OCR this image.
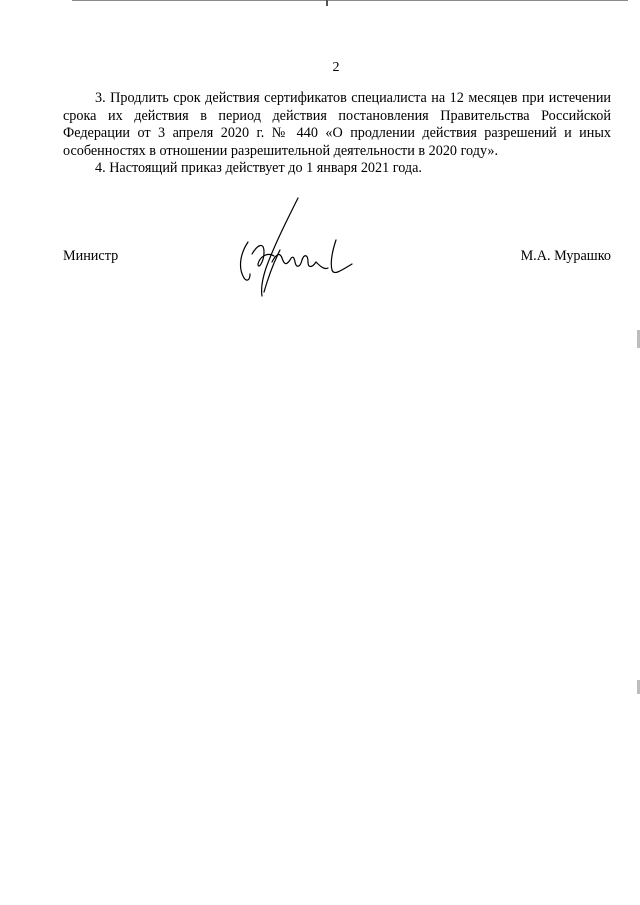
2

3. Продлить срок действия сертификатов специалиста на 12 месяцев при истечении срока их действия в период действия постановления Правительства Российской Федерации от 3 апреля 2020 г. № 440 «О продлении действия разрешений и иных особенностях в отношении разрешительной деятельности в 2020 году».

4. Настоящий приказ действует до 1 января 2021 года.

Министр	М.А. Мурашко
